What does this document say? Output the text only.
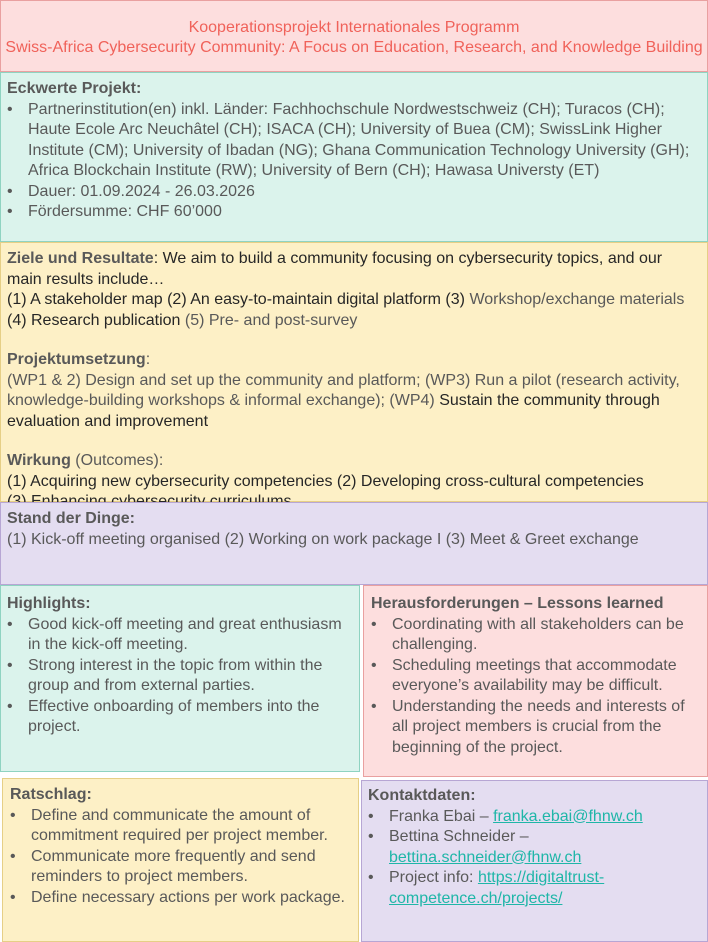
Kooperationsprojekt Internationales Programm
Swiss-Africa Cybersecurity Community: A Focus on Education, Research, and Knowledge Building
Eckwerte Projekt:
• Partnerinstitution(en) inkl. Länder: Fachhochschule Nordwestschweiz (CH); Turacos (CH); Haute Ecole Arc Neuchâtel (CH); ISACA (CH); University of Buea (CM); SwissLink Higher Institute (CM); University of Ibadan (NG); Ghana Communication Technology University (GH); Africa Blockchain Institute (RW); University of Bern (CH); Hawasa Universty (ET)
• Dauer: 01.09.2024 - 26.03.2026
• Fördersumme: CHF 60’000
Ziele und Resultate: We aim to build a community focusing on cybersecurity topics, and our main results include…
(1) A stakeholder map (2) An easy-to-maintain digital platform (3) Workshop/exchange materials (4) Research publication (5) Pre- and post-survey
Projektumsetzung:
(WP1 & 2) Design and set up the community and platform; (WP3) Run a pilot (research activity, knowledge-building workshops & informal exchange); (WP4) Sustain the community through evaluation and improvement
Wirkung (Outcomes):
(1) Acquiring new cybersecurity competencies (2) Developing cross-cultural competencies
Stand der Dinge:
(1) Kick-off meeting organised (2) Working on work package I (3) Meet & Greet exchange
Highlights:
• Good kick-off meeting and great enthusiasm in the kick-off meeting.
• Strong interest in the topic from within the group and from external parties.
• Effective onboarding of members into the project.
Herausforderungen – Lessons learned
• Coordinating with all stakeholders can be challenging.
• Scheduling meetings that accommodate everyone’s availability may be difficult.
• Understanding the needs and interests of all project members is crucial from the beginning of the project.
Ratschlag:
• Define and communicate the amount of commitment required per project member.
• Communicate more frequently and send reminders to project members.
• Define necessary actions per work package.
Kontaktdaten:
• Franka Ebai – franka.ebai@fhnw.ch
• Bettina Schneider –
bettina.schneider@fhnw.ch
• Project info: https://digitaltrust-
competence.ch/projects/
